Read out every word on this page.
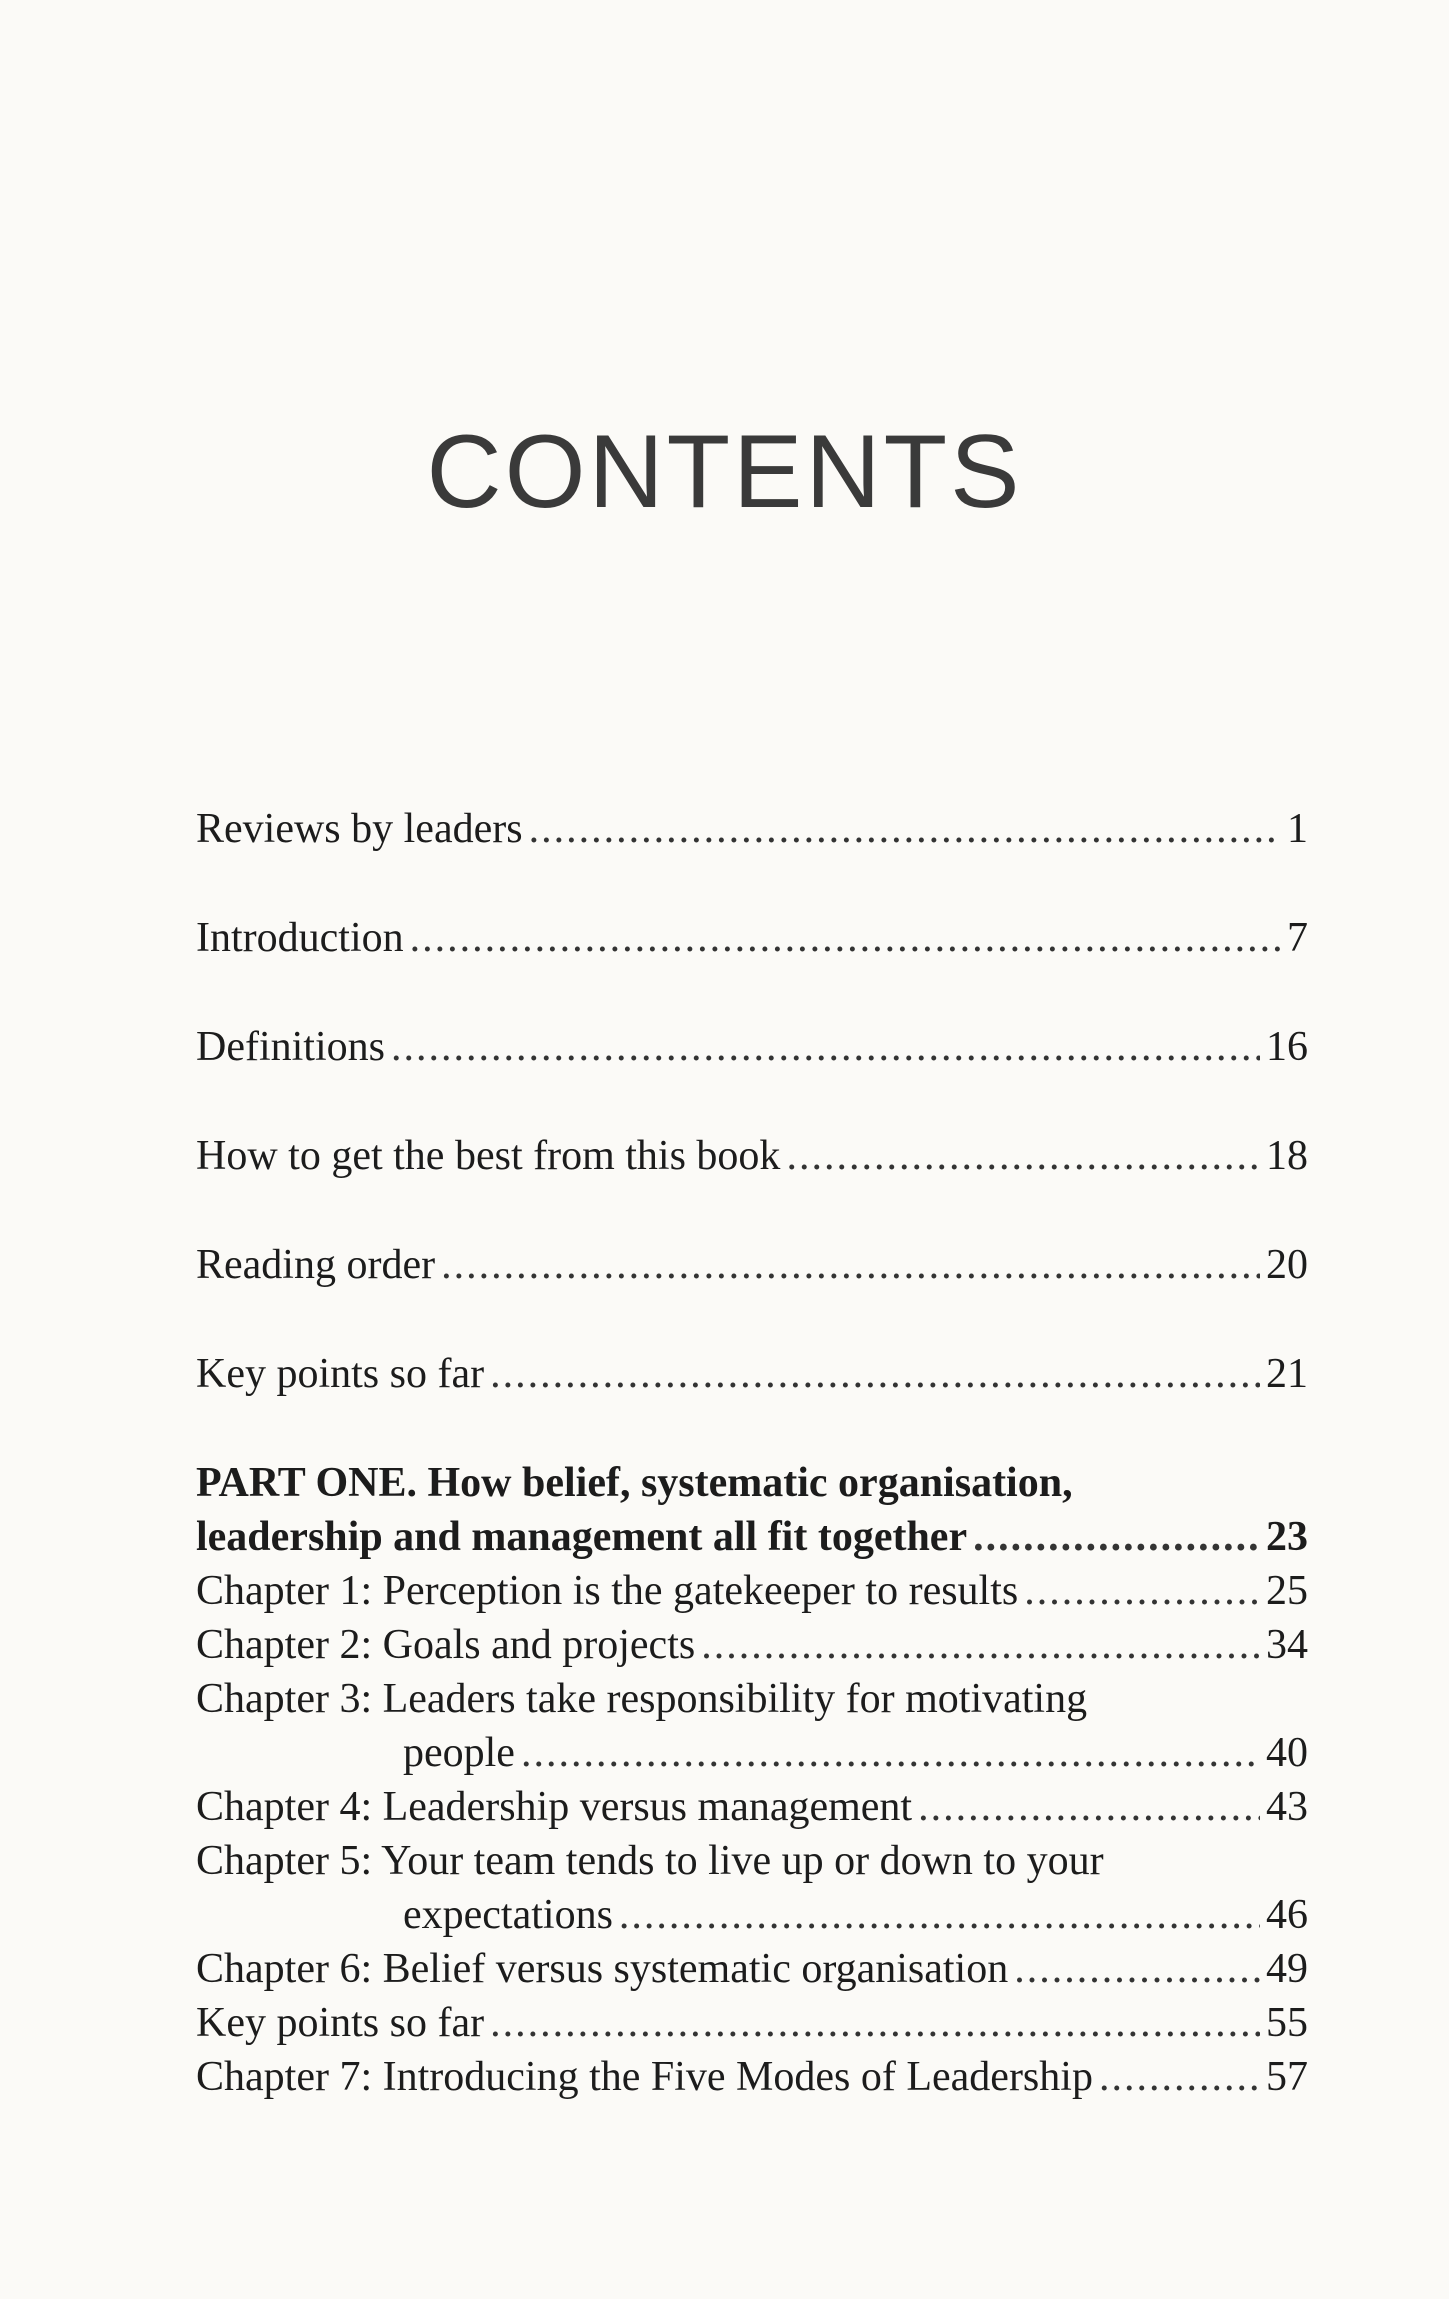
CONTENTS
Reviews by leaders .....	1
Introduction .....	7
Definitions .....	16
How to get the best from this book .....	18
Reading order .....	20
Key points so far .....	21
PART ONE. How belief, systematic organisation,
leadership and management all fit together .....	23
Chapter 1: Perception is the gatekeeper to results .....	25
Chapter 2: Goals and projects .....	34
Chapter 3: Leaders take responsibility for motivating
people .....	40
Chapter 4: Leadership versus management .....	43
Chapter 5: Your team tends to live up or down to your
expectations .....	46
Chapter 6: Belief versus systematic organisation .....	49
Key points so far .....	55
Chapter 7: Introducing the Five Modes of Leadership .....	57
